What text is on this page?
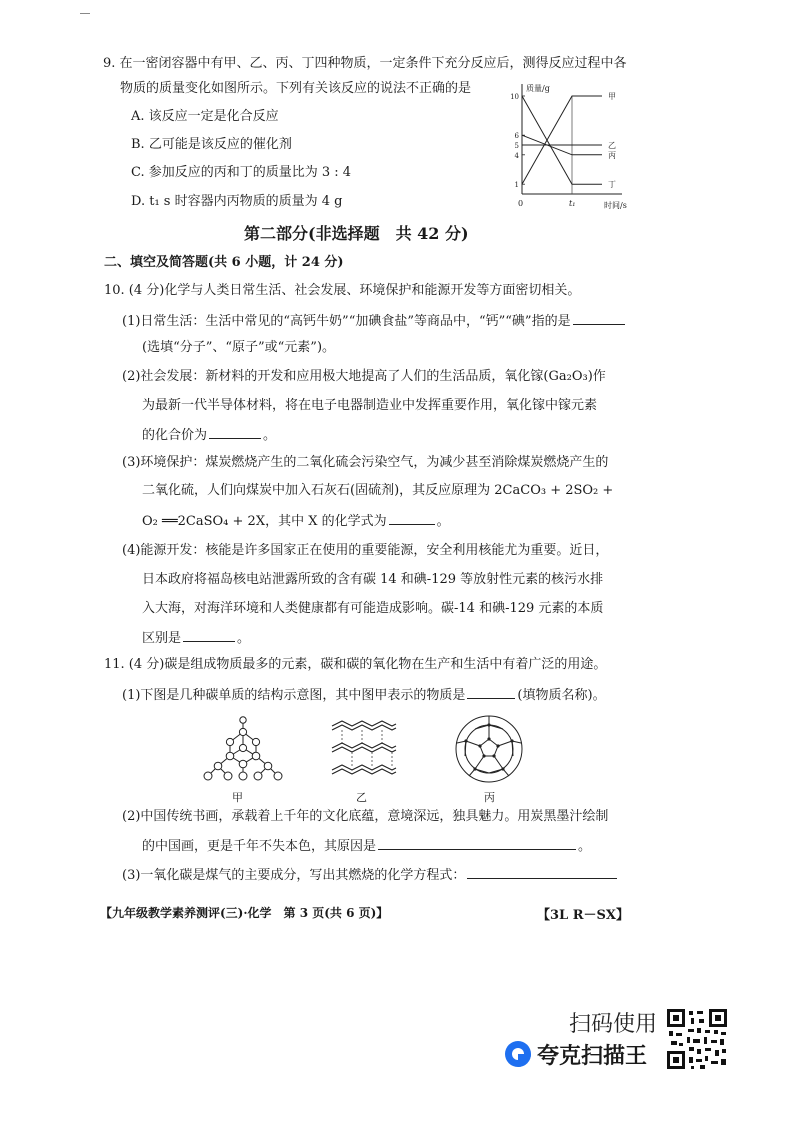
9. 在一密闭容器中有甲、乙、丙、丁四种物质，一定条件下充分反应后，测得反应过程中各
物质的质量变化如图所示。下列有关该反应的说法不正确的是
A. 该反应一定是化合反应
B. 乙可能是该反应的催化剂
C. 参加反应的丙和丁的质量比为 3 : 4
D. t₁ s 时容器内丙物质的质量为 4 g
质量/g
时间/s
0	t₁
10
6
5
4
1
甲
乙
丙
丁
第二部分(非选择题　共 42 分)
二、填空及简答题(共 6 小题，计 24 分)
10. (4 分)化学与人类日常生活、社会发展、环境保护和能源开发等方面密切相关。
(1)日常生活：生活中常见的“高钙牛奶”“加碘食盐”等商品中，“钙”“碘”指的是
(选填“分子”、“原子”或“元素”)。
(2)社会发展：新材料的开发和应用极大地提高了人们的生活品质，氧化镓(Ga₂O₃)作
为最新一代半导体材料，将在电子电器制造业中发挥重要作用，氧化镓中镓元素
的化合价为	。
(3)环境保护：煤炭燃烧产生的二氧化硫会污染空气，为减少甚至消除煤炭燃烧产生的
二氧化硫，人们向煤炭中加入石灰石(固硫剂)，其反应原理为 2CaCO₃ + 2SO₂ +
O₂ ══2CaSO₄ + 2X，其中 X 的化学式为	。
(4)能源开发：核能是许多国家正在使用的重要能源，安全利用核能尤为重要。近日，
日本政府将福岛核电站泄露所致的含有碳 14 和碘-129 等放射性元素的核污水排
入大海，对海洋环境和人类健康都有可能造成影响。碳-14 和碘-129 元素的本质
区别是	。
11. (4 分)碳是组成物质最多的元素，碳和碳的氧化物在生产和生活中有着广泛的用途。
(1)下图是几种碳单质的结构示意图，其中图甲表示的物质是	(填物质名称)。
甲	乙	丙
(2)中国传统书画，承载着上千年的文化底蕴，意境深远，独具魅力。用炭黑墨汁绘制
的中国画，更是千年不失本色，其原因是	。
(3)一氧化碳是煤气的主要成分，写出其燃烧的化学方程式：
【九年级教学素养测评(三)·化学　第 3 页(共 6 页)】	【3L R－SX】
扫码使用
夸克扫描王
